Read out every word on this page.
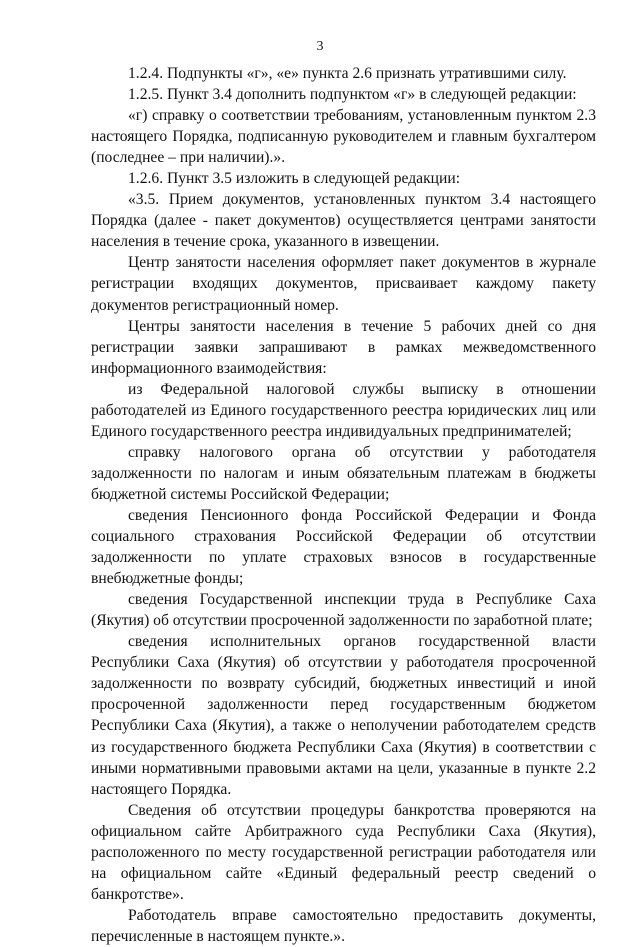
3

1.2.4. Подпункты «г», «е» пункта 2.6 признать утратившими силу.

1.2.5. Пункт 3.4 дополнить подпунктом «г» в следующей редакции:

«г) справку о соответствии требованиям, установленным пунктом 2.3 настоящего Порядка, подписанную руководителем и главным бухгалтером (последнее – при наличии).».

1.2.6. Пункт 3.5 изложить в следующей редакции:

«3.5. Прием документов, установленных пунктом 3.4 настоящего Порядка (далее - пакет документов) осуществляется центрами занятости населения в течение срока, указанного в извещении.

Центр занятости населения оформляет пакет документов в журнале регистрации входящих документов, присваивает каждому пакету документов регистрационный номер.

Центры занятости населения в течение 5 рабочих дней со дня регистрации заявки запрашивают в рамках межведомственного информационного взаимодействия:

из Федеральной налоговой службы выписку в отношении работодателей из Единого государственного реестра юридических лиц или Единого государственного реестра индивидуальных предпринимателей;

справку налогового органа об отсутствии у работодателя задолженности по налогам и иным обязательным платежам в бюджеты бюджетной системы Российской Федерации;

сведения Пенсионного фонда Российской Федерации и Фонда социального страхования Российской Федерации об отсутствии задолженности по уплате страховых взносов в государственные внебюджетные фонды;

сведения Государственной инспекции труда в Республике Саха (Якутия) об отсутствии просроченной задолженности по заработной плате;

сведения исполнительных органов государственной власти Республики Саха (Якутия) об отсутствии у работодателя просроченной задолженности по возврату субсидий, бюджетных инвестиций и иной просроченной задолженности перед государственным бюджетом Республики Саха (Якутия), а также о неполучении работодателем средств из государственного бюджета Республики Саха (Якутия) в соответствии с иными нормативными правовыми актами на цели, указанные в пункте 2.2 настоящего Порядка.

Сведения об отсутствии процедуры банкротства проверяются на официальном сайте Арбитражного суда Республики Саха (Якутия), расположенного по месту государственной регистрации работодателя или на официальном сайте «Единый федеральный реестр сведений о банкротстве».

Работодатель вправе самостоятельно предоставить документы, перечисленные в настоящем пункте.».
